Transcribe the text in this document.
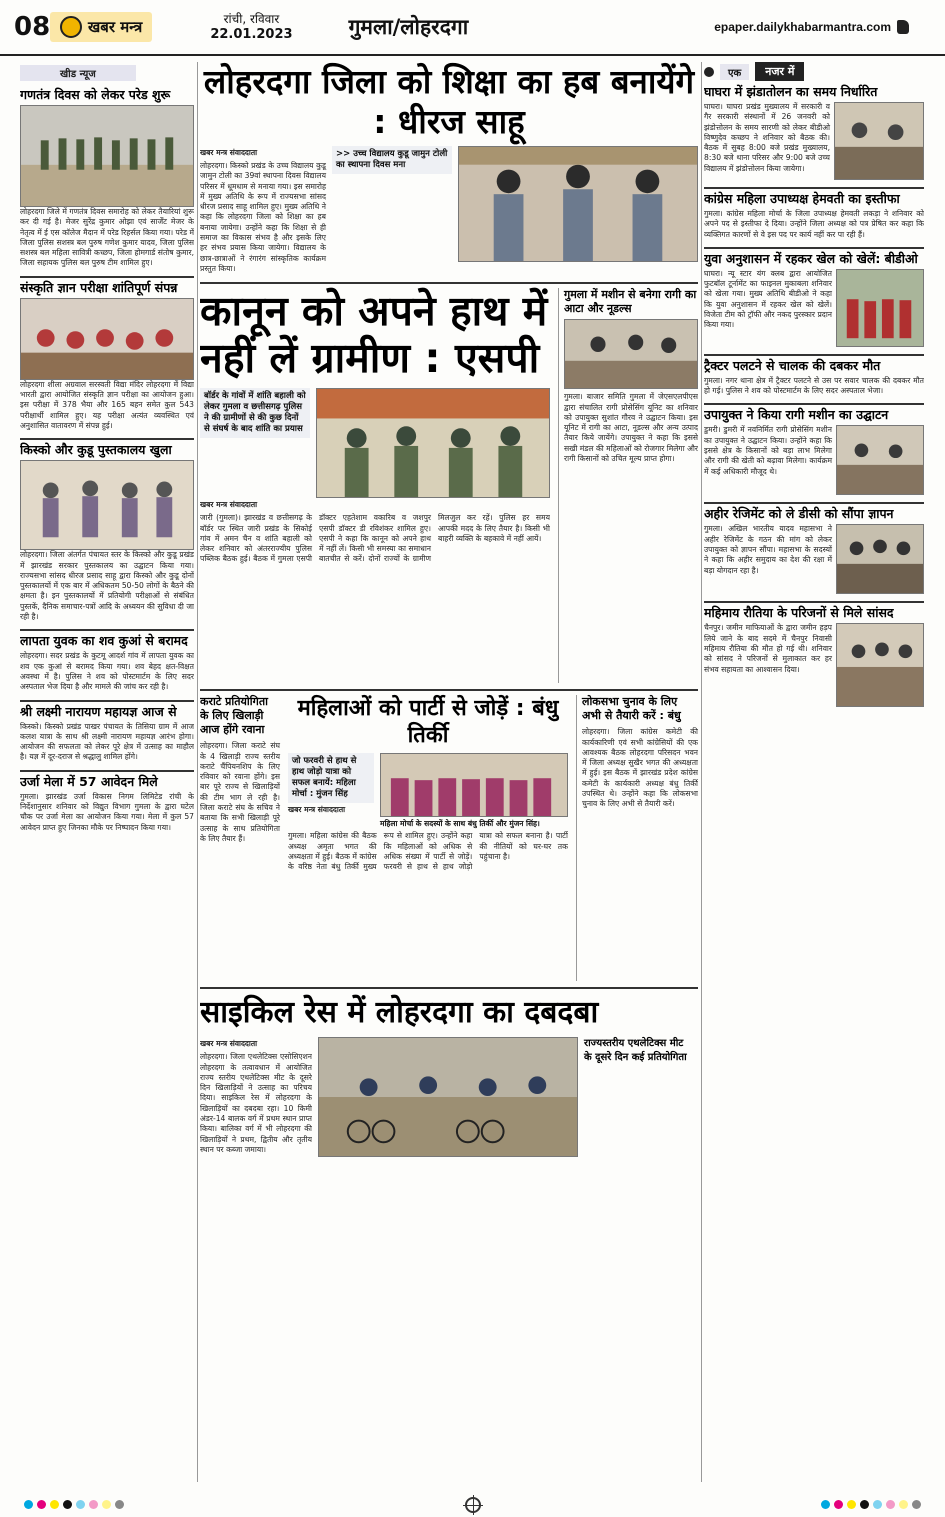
08	खबर मन्त्र	रांची, रविवार
22.01.2023	गुमला/लोहरदगा	epaper.dailykhabarmantra.com
खीड न्यूज
गणतंत्र दिवस को लेकर परेड शुरू
लोहरदगा जिले में गणतंत्र दिवस समारोह को लेकर तैयारियां शुरू कर दी गई है। मेजर सुरेंद्र कुमार ओझा एवं सार्जेंट मेजर के नेतृत्व में ई एस कॉलेज मैदान में परेड रिहर्सल किया गया। परेड में जिला पुलिस सशस्त्र बल पुरुष गणेश कुमार यादव, जिला पुलिस सशस्त्र बल महिला सावित्री कच्छप, जिला होमगार्ड संतोष कुमार, जिला सहायक पुलिस बल पुरुष टीम शामिल हुए।
संस्कृति ज्ञान परीक्षा शांतिपूर्ण संपन्न
लोहरदगा शीला अग्रवाल सरस्वती विद्या मंदिर लोहरदगा में विद्या भारती द्वारा आयोजित संस्कृति ज्ञान परीक्षा का आयोजन हुआ। इस परीक्षा में 378 भैया और 165 बहन समेत कुल 543 परीक्षार्थी शामिल हुए। यह परीक्षा अत्यंत व्यवस्थित एवं अनुशासित वातावरण में संपन्न हुई।
किस्को और कुडू पुस्तकालय खुला
लोहरदगा। जिला अंतर्गत पंचायत स्तर के किस्को और कुडू प्रखंड में झारखंड सरकार पुस्तकालय का उद्घाटन किया गया। राज्यसभा सांसद धीरज प्रसाद साहू द्वारा किस्को और कुडू दोनों पुस्तकालयों में एक बार में अधिकतम 50-50 लोगों के बैठने की क्षमता है। इन पुस्तकालयों में प्रतियोगी परीक्षाओं से संबंधित पुस्तकें, दैनिक समाचार-पत्रों आदि के अध्ययन की सुविधा दी जा रही है।
लापता युवक का शव कुआं से बरामद
लोहरदगा। सदर प्रखंड के कुटमू आदर्श गांव में लापता युवक का शव एक कुआं से बरामद किया गया। शव बेहद क्षत-विक्षत अवस्था में है। पुलिस ने शव को पोस्टमार्टम के लिए सदर अस्पताल भेज दिया है और मामले की जांच कर रही है।
श्री लक्ष्मी नारायण महायज्ञ आज से
किस्को। किस्को प्रखंड पाखर पंचायत के तिसिया ग्राम में आज कलश यात्रा के साथ श्री लक्ष्मी नारायण महायज्ञ आरंभ होगा। आयोजन की सफलता को लेकर पूरे क्षेत्र में उत्साह का माहौल है। यज्ञ में दूर-दराज से श्रद्धालु शामिल होंगे।
उर्जा मेला में 57 आवेदन मिले
गुमला। झारखंड उर्जा विकास निगम लिमिटेड रांची के निर्देशानुसार शनिवार को विद्युत विभाग गुमला के द्वारा घटेल चौक पर उर्जा मेला का आयोजन किया गया। मेला में कुल 57 आवेदन प्राप्त हुए जिनका मौके पर निष्पादन किया गया।
लोहरदगा जिला को शिक्षा का हब बनायेंगे : धीरज साहू
खबर मन्त्र संवाददाता
लोहरदगा। किस्को प्रखंड के उच्च विद्यालय कुडू जामुन टोली का 39वां स्थापना दिवस विद्यालय परिसर में धूमधाम से मनाया गया। इस समारोह में मुख्य अतिथि के रूप में राज्यसभा सांसद धीरज प्रसाद साहू शामिल हुए। मुख्य अतिथि ने कहा कि लोहरदगा जिला को शिक्षा का हब बनाया जायेगा। उन्होंने कहा कि शिक्षा से ही समाज का विकास संभव है और इसके लिए हर संभव प्रयास किया जायेगा। विद्यालय के छात्र-छात्राओं ने रंगारंग सांस्कृतिक कार्यक्रम प्रस्तुत किया।
>> उच्च विद्यालय कुडू जामुन टोली का स्थापना दिवस मना
कानून को अपने हाथ में नहीं लें ग्रामीण : एसपी
बॉर्डर के गांवों में शांति बहाली को लेकर गुमला व छत्तीसगढ़ पुलिस ने की ग्रामीणों से की कुछ दिनों से संघर्ष के बाद शांति का प्रयास
खबर मन्त्र संवाददाता
जारी (गुमला)। झारखंड व छत्तीसगढ़ के बॉर्डर पर स्थित जारी प्रखंड के सिकोई गांव में अमन चैन व शांति बहाली को लेकर शनिवार को अंतरराज्यीय पुलिस पब्लिक बैठक हुई। बैठक में गुमला एसपी डॉक्टर एहतेशाम वकारिब व जशपुर एसपी डॉक्टर डी रविशंकर शामिल हुए। एसपी ने कहा कि कानून को अपने हाथ में नहीं लें। किसी भी समस्या का समाधान बातचीत से करें। दोनों राज्यों के ग्रामीण मिलजुल कर रहें। पुलिस हर समय आपकी मदद के लिए तैयार है। किसी भी बाहरी व्यक्ति के बहकावे में नहीं आयें।
गुमला में मशीन से बनेगा रागी का आटा और नूडल्स
गुमला। बाजार समिति गुमला में जेएसएलपीएस द्वारा संचालित रागी प्रोसेसिंग यूनिट का शनिवार को उपायुक्त सुशांत गौरव ने उद्घाटन किया। इस यूनिट में रागी का आटा, नूडल्स और अन्य उत्पाद तैयार किये जायेंगे। उपायुक्त ने कहा कि इससे सखी मंडल की महिलाओं को रोजगार मिलेगा और रागी किसानों को उचित मूल्य प्राप्त होगा।
कराटे प्रतियोगिता के लिए खिलाड़ी आज होंगे रवाना
लोहरदगा। जिला कराटे संघ के 4 खिलाड़ी राज्य स्तरीय कराटे चैंपियनशिप के लिए रविवार को रवाना होंगे। इस बार पूरे राज्य से खिलाड़ियों की टीम भाग ले रही है। जिला कराटे संघ के सचिव ने बताया कि सभी खिलाड़ी पूरे उत्साह के साथ प्रतियोगिता के लिए तैयार हैं।
महिलाओं को पार्टी से जोड़ें : बंधु तिर्की
जो फरवरी से हाथ से हाथ जोड़ो यात्रा को सफल बनायें: महिला मोर्चा : मुंजन सिंह
खबर मन्त्र संवाददाता
महिला मोर्चा के सदस्यों के साथ बंधु तिर्की और मुंजन सिंह।
गुमला। महिला कांग्रेस की बैठक अध्यक्ष अमृता भगत की अध्यक्षता में हुई। बैठक में कांग्रेस के वरिष्ठ नेता बंधु तिर्की मुख्य रूप से शामिल हुए। उन्होंने कहा कि महिलाओं को अधिक से अधिक संख्या में पार्टी से जोड़ें। फरवरी से हाथ से हाथ जोड़ो यात्रा को सफल बनाना है। पार्टी की नीतियों को घर-घर तक पहुंचाना है।
लोकसभा चुनाव के लिए अभी से तैयारी करें : बंधु
लोहरदगा। जिला कांग्रेस कमेटी की कार्यकारिणी एवं सभी कांग्रेसियों की एक आवश्यक बैठक लोहरदगा परिसदन भवन में जिला अध्यक्ष सुखैर भगत की अध्यक्षता में हुई। इस बैठक में झारखंड प्रदेश कांग्रेस कमेटी के कार्यकारी अध्यक्ष बंधु तिर्की उपस्थित थे। उन्होंने कहा कि लोकसभा चुनाव के लिए अभी से तैयारी करें।
साइकिल रेस में लोहरदगा का दबदबा
खबर मन्त्र संवाददाता
लोहरदगा। जिला एथलेटिक्स एसोसिएशन लोहरदगा के तत्वावधान में आयोजित राज्य स्तरीय एथलेटिक्स मीट के दूसरे दिन खिलाड़ियों ने उत्साह का परिचय दिया। साइकिल रेस में लोहरदगा के खिलाड़ियों का दबदबा रहा। 10 किमी अंडर-14 बालक वर्ग में प्रथम स्थान प्राप्त किया। बालिका वर्ग में भी लोहरदगा की खिलाड़ियों ने प्रथम, द्वितीय और तृतीय स्थान पर कब्जा जमाया।
राज्यस्तरीय एथलेटिक्स मीट के दूसरे दिन कई प्रतियोगिता
एक	नजर में
घाघरा में झंडातोलन का समय निर्धारित
घाघरा। घाघरा प्रखंड मुख्यालय में सरकारी व गैर सरकारी संस्थानों में 26 जनवरी को झंडोत्तोलन के समय सारणी को लेकर बीडीओ विष्णुदेव कच्छप ने शनिवार को बैठक की। बैठक में सुबह 8:00 बजे प्रखंड मुख्यालय, 8:30 बजे थाना परिसर और 9:00 बजे उच्च विद्यालय में झंडोत्तोलन किया जायेगा।
कांग्रेस महिला उपाध्यक्ष हेमवती का इस्तीफा
गुमला। कांग्रेस महिला मोर्चा के जिला उपाध्यक्ष हेमवती लकड़ा ने शनिवार को अपने पद से इस्तीफा दे दिया। उन्होंने जिला अध्यक्ष को पत्र प्रेषित कर कहा कि व्यक्तिगत कारणों से वे इस पद पर कार्य नहीं कर पा रही हैं।
युवा अनुशासन में रहकर खेल को खेलें: बीडीओ
घाघरा। न्यू स्टार यंग क्लब द्वारा आयोजित फुटबॉल टूर्नामेंट का फाइनल मुकाबला शनिवार को खेला गया। मुख्य अतिथि बीडीओ ने कहा कि युवा अनुशासन में रहकर खेल को खेलें। विजेता टीम को ट्रॉफी और नकद पुरस्कार प्रदान किया गया।
ट्रैक्टर पलटने से चालक की दबकर मौत
गुमला। नगर थाना क्षेत्र में ट्रैक्टर पलटने से उस पर सवार चालक की दबकर मौत हो गई। पुलिस ने शव को पोस्टमार्टम के लिए सदर अस्पताल भेजा।
उपायुक्त ने किया रागी मशीन का उद्घाटन
डुमरी। डुमरी में नवनिर्मित रागी प्रोसेसिंग मशीन का उपायुक्त ने उद्घाटन किया। उन्होंने कहा कि इससे क्षेत्र के किसानों को बड़ा लाभ मिलेगा और रागी की खेती को बढ़ावा मिलेगा। कार्यक्रम में कई अधिकारी मौजूद थे।
अहीर रेजिमेंट को ले डीसी को सौंपा ज्ञापन
गुमला। अखिल भारतीय यादव महासभा ने अहीर रेजिमेंट के गठन की मांग को लेकर उपायुक्त को ज्ञापन सौंपा। महासभा के सदस्यों ने कहा कि अहीर समुदाय का देश की रक्षा में बड़ा योगदान रहा है।
महिमाय रौतिया के परिजनों से मिले सांसद
चैनपुर। जमीन माफियाओं के द्वारा जमीन हड़प लिये जाने के बाद सदमे में चैनपुर निवासी महिमाय रौतिया की मौत हो गई थी। शनिवार को सांसद ने परिजनों से मुलाकात कर हर संभव सहायता का आश्वासन दिया।
